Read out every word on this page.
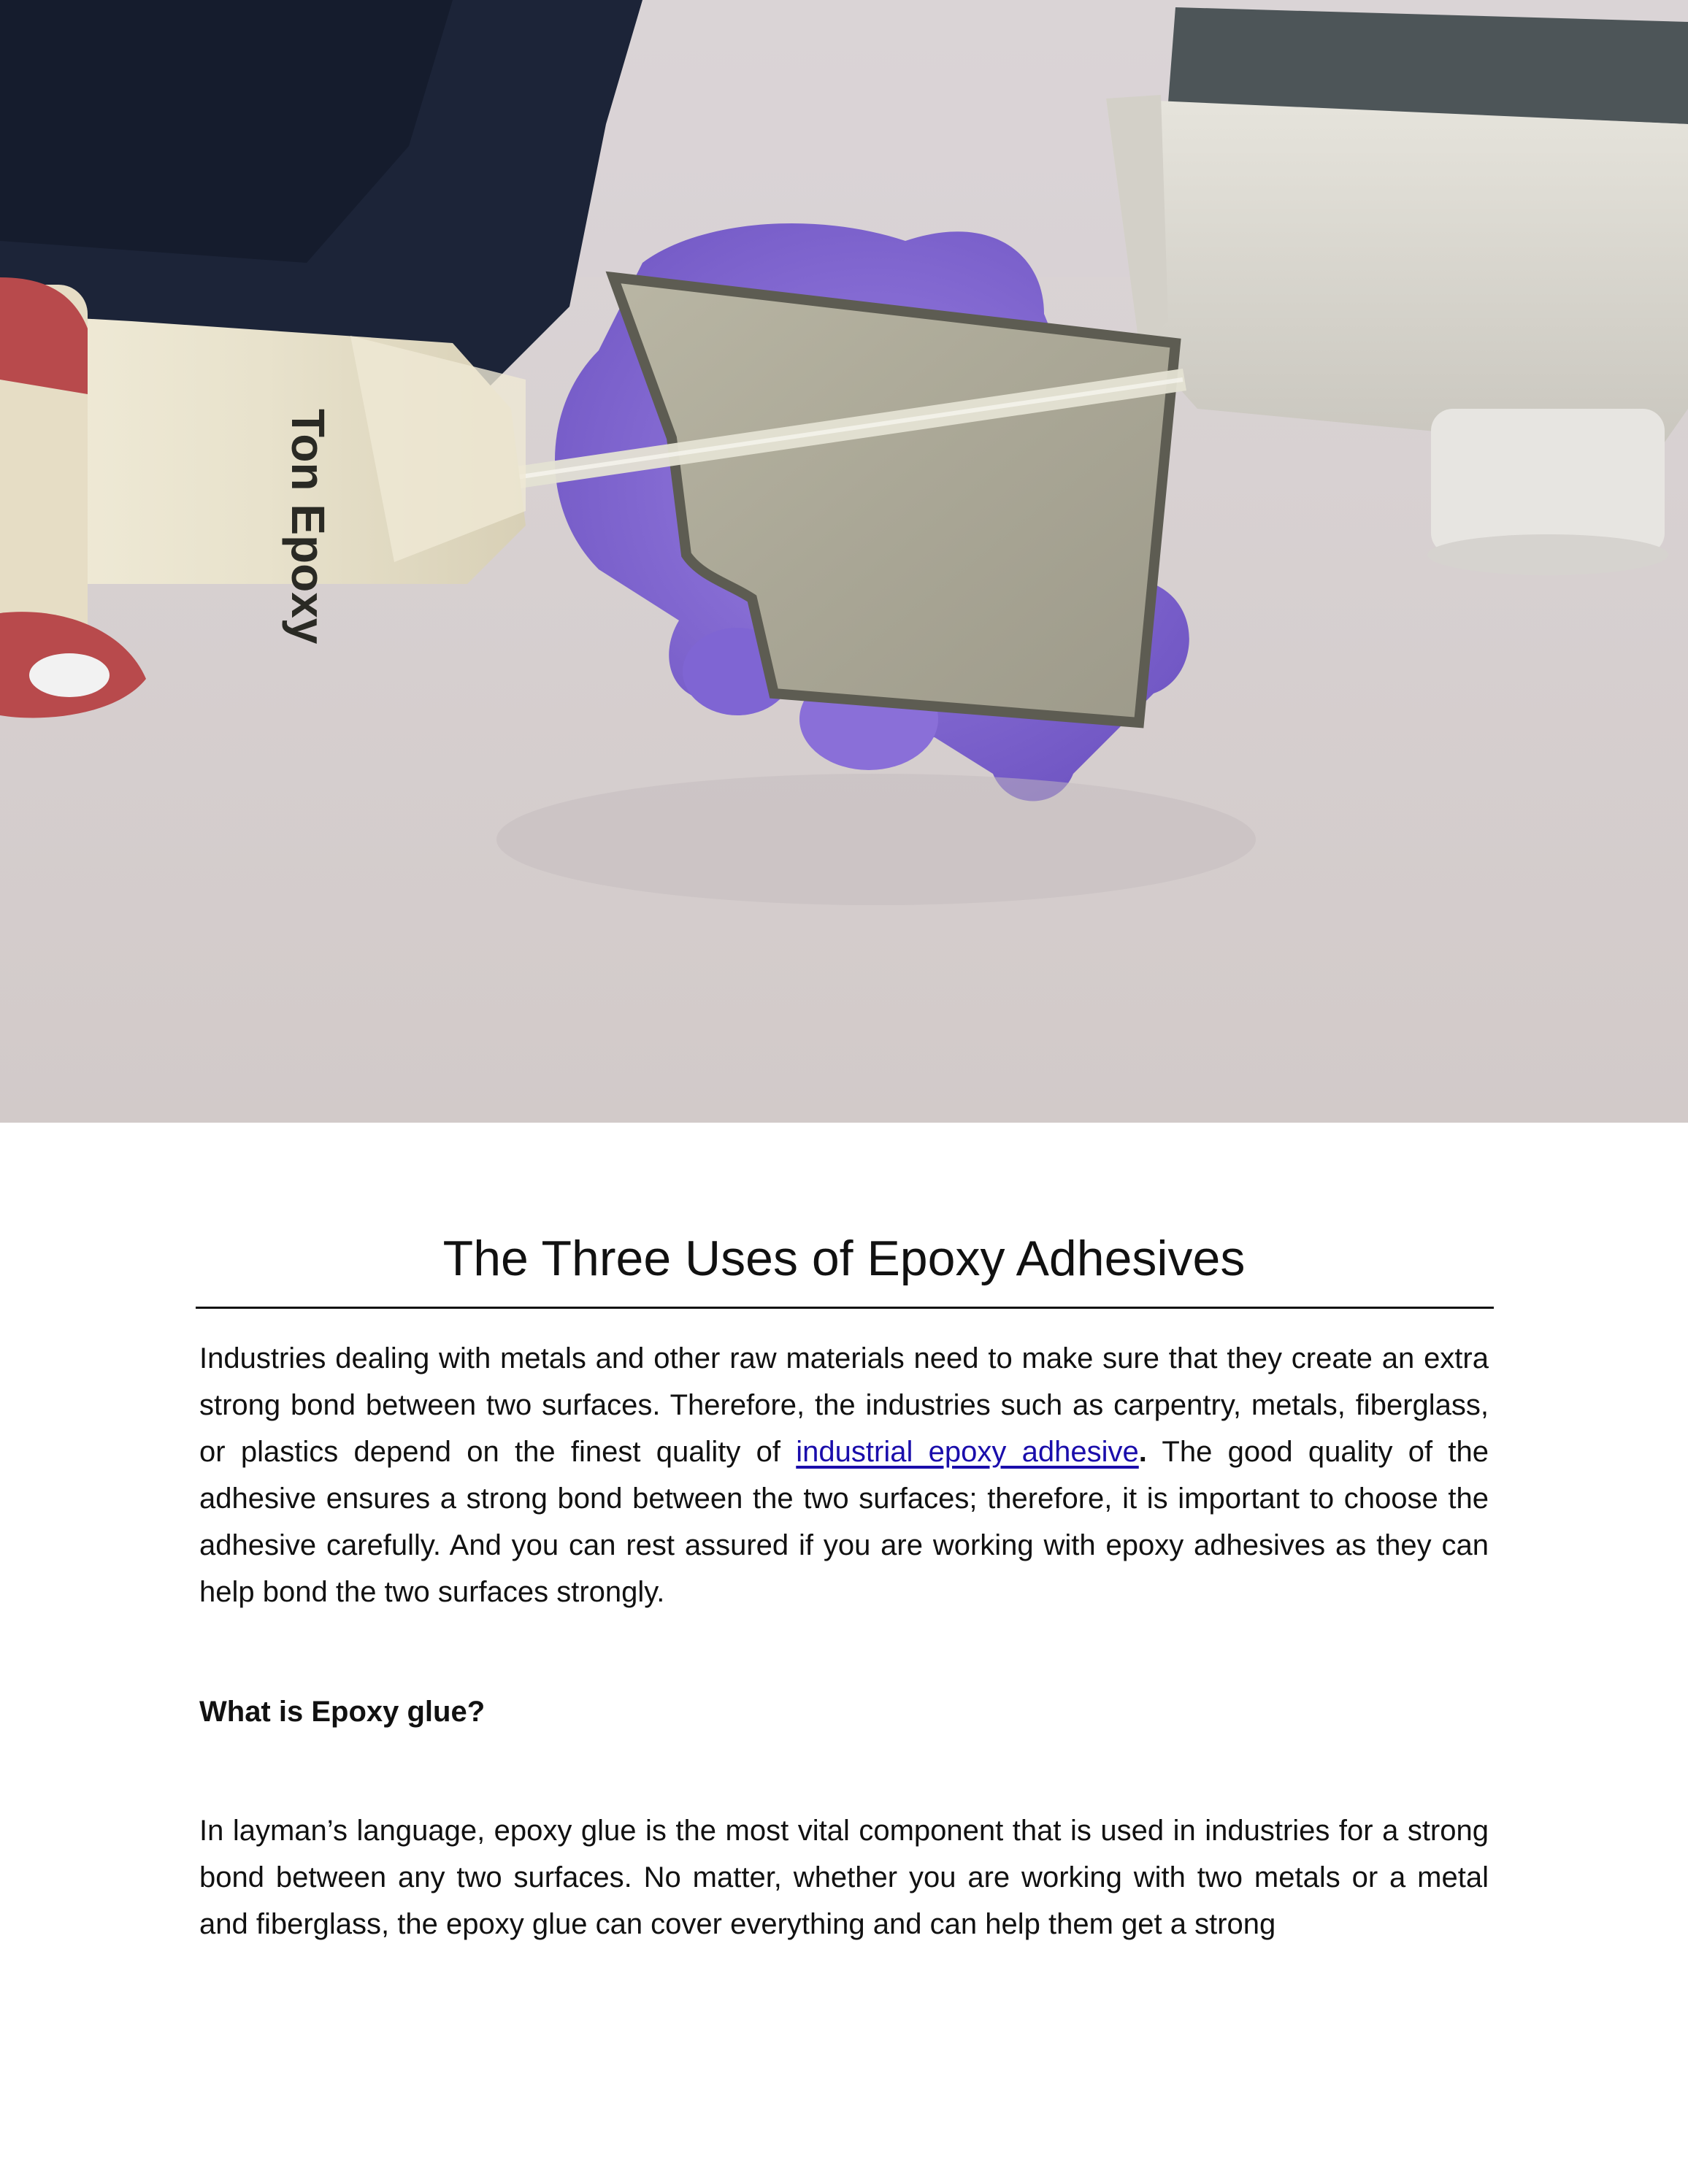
Ton Epoxy
The Three Uses of Epoxy Adhesives

Industries dealing with metals and other raw materials need to make sure that they create an extra strong bond between two surfaces. Therefore, the industries such as carpentry, metals, fiberglass, or plastics depend on the finest quality of industrial epoxy adhesive. The good quality of the adhesive ensures a strong bond between the two surfaces; therefore, it is important to choose the adhesive carefully. And you can rest assured if you are working with epoxy adhesives as they can help bond the two surfaces strongly.

What is Epoxy glue?

In layman’s language, epoxy glue is the most vital component that is used in industries for a strong bond between any two surfaces. No matter, whether you are working with two metals or a metal and fiberglass, the epoxy glue can cover everything and can help them get a strong
